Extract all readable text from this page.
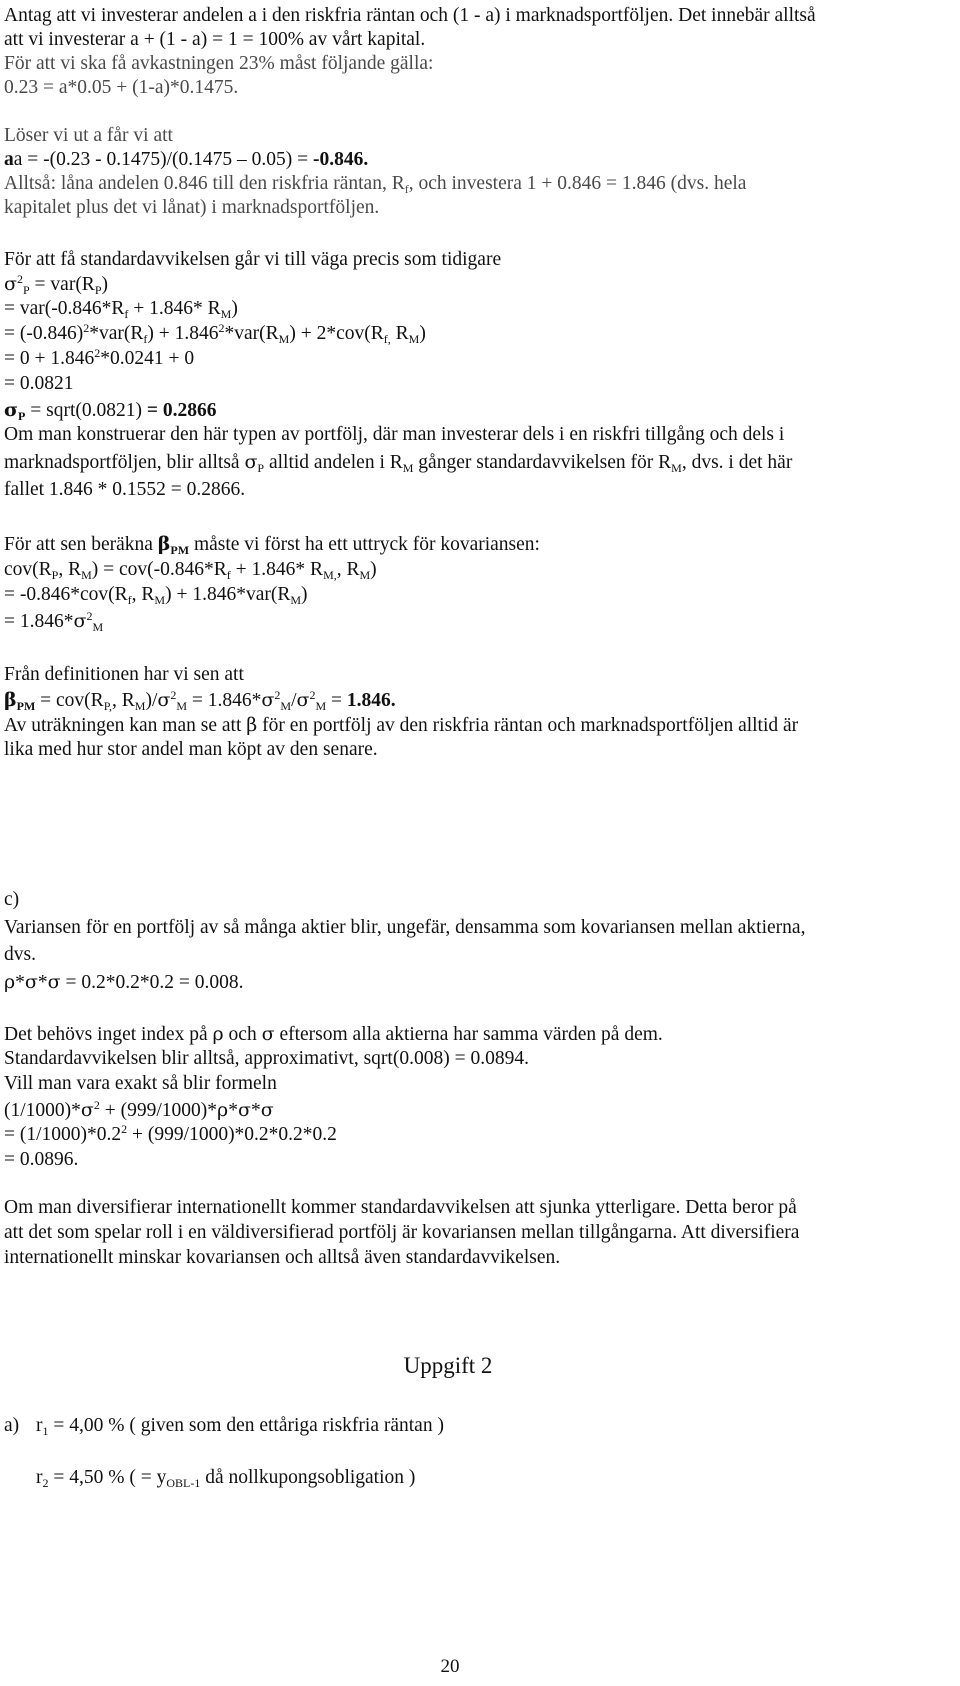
Antag att vi investerar andelen a i den riskfria räntan och (1 - a) i marknadsportföljen. Det innebär alltså
att vi investerar a + (1 - a) = 1 = 100% av vårt kapital.
För att vi ska få avkastningen 23% måst följande gälla:
0.23 = a*0.05 + (1-a)*0.1475.
Löser vi ut a får vi att
aa = -(0.23 - 0.1475)/(0.1475 – 0.05) = -0.846.
Alltså: låna andelen 0.846 till den riskfria räntan, $R_f$, och investera 1 + 0.846 = 1.846 (dvs. hela
kapitalet plus det vi lånat) i marknadsportföljen.
För att få standardavvikelsen går vi till väga precis som tidigare
$\sigma^2_P = var(R_P)$
= $var(-0.846*R_f + 1.846*$ $R_M$)
= $(-0.846)^2*var(R_f) + 1.846^2*var(R_M) + 2*cov(R_{f,}$ $R_M$)
= $0 + 1.846^2*0.0241 + 0$
= 0.0821
$\sigma_P$ = sqrt(0.0821) = 0.2866
Om man konstruerar den här typen av portfölj, där man investerar dels i en riskfri tillgång och dels i
marknadsportföljen, blir alltså $\sigma_P$ alltid andelen i $R_M$ gånger standardavvikelsen för $R_M$, dvs. i det här
fallet 1.846 * 0.1552 = 0.2866.
För att sen beräkna $\beta_{PM}$ måste vi först ha ett uttryck för kovariansen:
$cov(R_P$, $R_M) = cov(-0.846*R_f + 1.846*$ $R_{M,}$, $R_M$)
= $-0.846*cov(R_f$, $R_M) + 1.846*var(R_M)$
= $1.846*\sigma^2_M$
Från definitionen har vi sen att
$\beta_{PM} = cov(R_{P,}$, $R_M)/\sigma^2_M = 1.846*\sigma^2_M/\sigma^2_M = 1.846$.
Av uträkningen kan man se att β för en portfölj av den riskfria räntan och marknadsportföljen alltid är
lika med hur stor andel man köpt av den senare.
c)
Variansen för en portfölj av så många aktier blir, ungefär, densamma som kovariansen mellan aktierna,
dvs.
ρ*σ*σ = 0.2*0.2*0.2 = 0.008.
Det behövs inget index på ρ och σ eftersom alla aktierna har samma värden på dem.
Standardavvikelsen blir alltså, approximativt, sqrt(0.008) = 0.0894.
Vill man vara exakt så blir formeln
$(1/1000)*\sigma^2 + (999/1000)*\rho*\sigma*\sigma$
= $(1/1000)*0.2^2 + (999/1000)*0.2*0.2*0.2$
= 0.0896.
Om man diversifierar internationellt kommer standardavvikelsen att sjunka ytterligare. Detta beror på
att det som spelar roll i en väldiversifierad portfölj är kovariansen mellan tillgångarna. Att diversifiera
internationellt minskar kovariansen och alltså även standardavvikelsen.
Uppgift 2
a) $r_1 = 4,00$ % ( given som den ettåriga riskfria räntan )
$r_2 = 4,50$ % ( = $y_{OBL-1}$ då nollkupongsobligation )
20
